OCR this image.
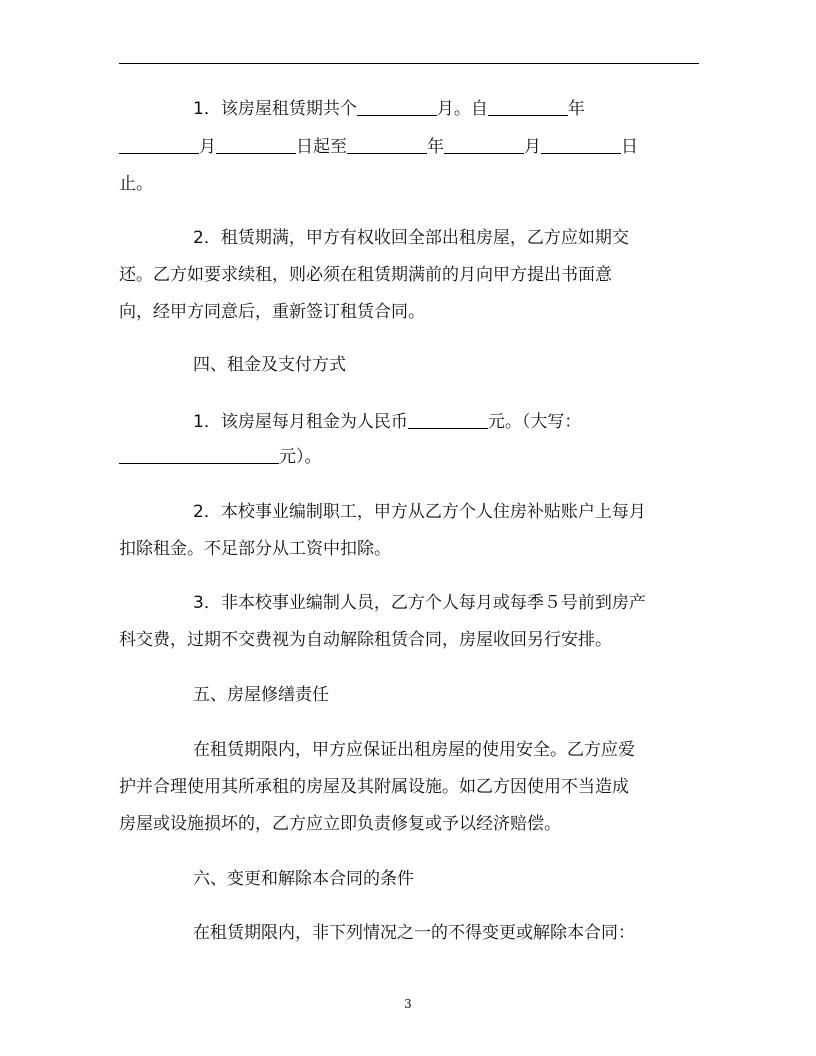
1．该房屋租赁期共个	月。自	年
月	日起至	年	月	日
止。
2．租赁期满，甲方有权收回全部出租房屋，乙方应如期交
还。乙方如要求续租，则必须在租赁期满前的月向甲方提出书面意
向，经甲方同意后，重新签订租赁合同。
四、租金及支付方式
1．该房屋每月租金为人民币	元。（大写：
元）。
2．本校事业编制职工，甲方从乙方个人住房补贴账户上每月
扣除租金。不足部分从工资中扣除。
3．非本校事业编制人员，乙方个人每月或每季５号前到房产
科交费，过期不交费视为自动解除租赁合同，房屋收回另行安排。
五、房屋修缮责任
在租赁期限内，甲方应保证出租房屋的使用安全。乙方应爱
护并合理使用其所承租的房屋及其附属设施。如乙方因使用不当造成
房屋或设施损坏的，乙方应立即负责修复或予以经济赔偿。
六、变更和解除本合同的条件
在租赁期限内，非下列情况之一的不得变更或解除本合同：
3
